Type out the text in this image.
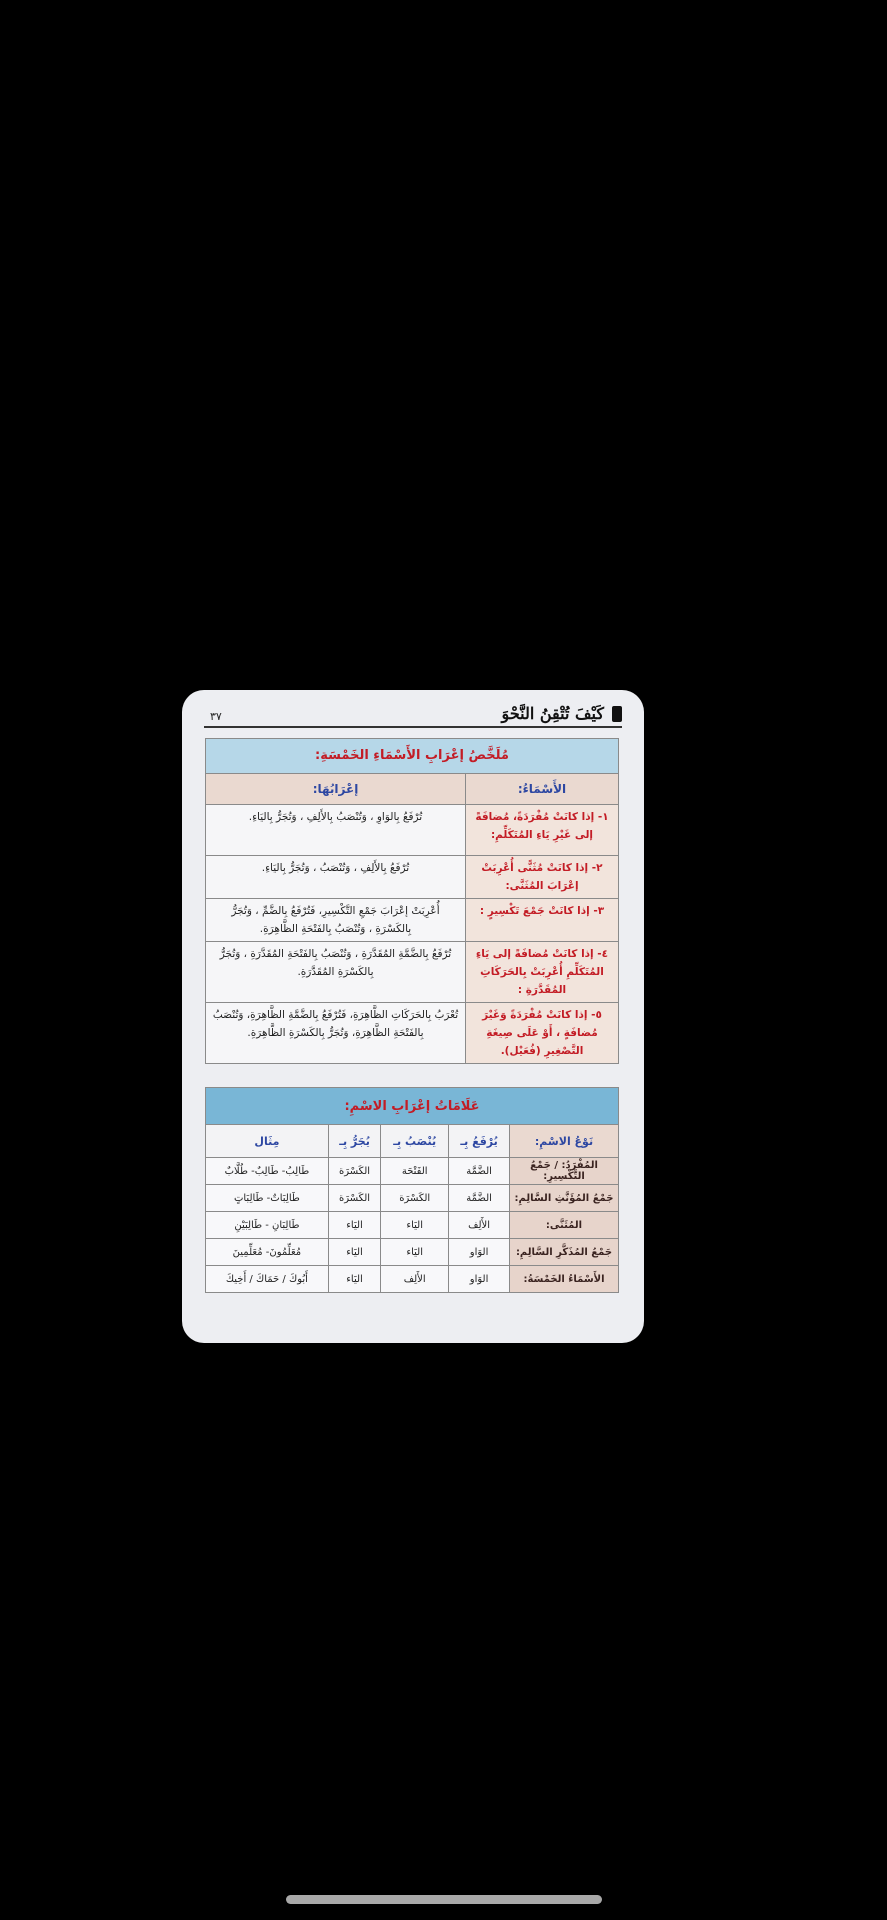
٣٧	كَيْفَ تُتْقِنُ النَّحْوَ
مُلَخَّصُ إعْرَابِ الأَسْمَاءِ الخَمْسَةِ:	
الأَسْمَاءُ:	إعْرَابُهَا:
١- إذا كانَتْ مُفْرَدَةً، مُضافَةً إلى غَيْرِ يَاءِ المُتَكَلِّمِ:	تُرْفَعُ بِالوَاوِ ، وَتُنْصَبُ بِالأَلِفِ ، وَتُجَرُّ بِاليَاءِ.
٢- إذا كانَتْ مُثَنًّى أُعْرِبَتْ إعْرَابَ المُثَنَّى:	تُرْفَعُ بِالأَلِفِ ، وَتُنْصَبُ ، وَتُجَرُّ بِاليَاءِ.
٣- إذا كانَتْ جَمْعَ تَكْسِيرٍ :	أُعْرِبَتْ إعْرَابَ جَمْعِ التَّكْسِيرِ، فَتُرْفَعُ بِالضَّمِّ ، وَتُجَرُّ بِالكَسْرَةِ ، وَتُنْصَبُ بِالفَتْحَةِ الظَّاهِرَةِ.
٤- إذا كانَتْ مُضافَةً إلى يَاءِ المُتَكَلِّمِ أُعْرِبَتْ بِالحَرَكَاتِ المُقَدَّرَةِ :	تُرْفَعُ بِالضَّمَّةِ المُقَدَّرَةِ ، وَتُنْصَبُ بِالفَتْحَةِ المُقَدَّرَةِ ، وَتُجَرُّ بِالكَسْرَةِ المُقَدَّرَةِ.
٥- إذا كانَتْ مُفْرَدَةً وَغَيْرَ مُضافَةٍ ، أَوْ عَلَى صِيغَةِ التَّصْغِيرِ (فُعَيْل).	تُعْرَبُ بِالحَرَكَاتِ الظَّاهِرَةِ، فَتُرْفَعُ بِالضَّمَّةِ الظَّاهِرَةِ، وَتُنْصَبُ بِالفَتْحَةِ الظَّاهِرَةِ، وَتُجَرُّ بِالكَسْرَةِ الظَّاهِرَةِ.
عَلَامَاتُ إعْرَابِ الاسْمِ:				
نَوْعُ الاسْمِ:	يُرْفَعُ بِـ	يُنْصَبُ بِـ	يُجَرُّ بِـ	مِثَال
المُفْرَدُ: / جَمْعُ التَّكْسِيرِ:	الضَّمَّة	الفَتْحَة	الكَسْرَة	طَالِبُ- طَالِبٌ- طُلَّابٌ
جَمْعُ المُؤَنَّثِ السَّالِمِ:	الضَّمَّة	الكَسْرَة	الكَسْرَة	طَالِبَاتٌ- طَالِبَاتٍ
المُثَنَّى:	الأَلِف	اليَاء	اليَاء	طَالِبَانِ - طَالِبَيْنِ
جَمْعُ المُذَكَّرِ السَّالِمِ:	الوَاو	اليَاء	اليَاء	مُعَلِّمُونَ- مُعَلِّمِينَ
الأَسْمَاءُ الخَمْسَةُ:	الوَاو	الأَلِف	اليَاء	أَبُوكَ / حَمَاكَ / أَخِيكَ
